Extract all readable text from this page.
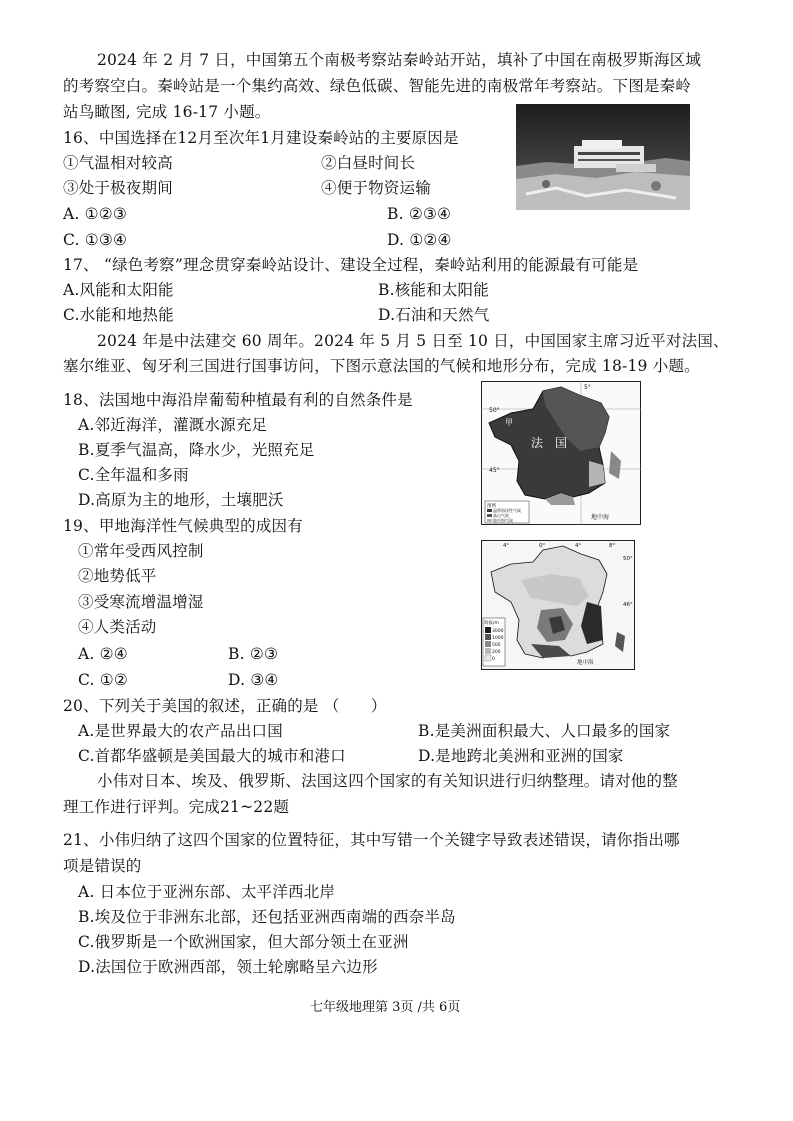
2024 年 2 月 7 日，中国第五个南极考察站秦岭站开站，填补了中国在南极罗斯海区域
的考察空白。秦岭站是一个集约高效、绿色低碳、智能先进的南极常年考察站。下图是秦岭
站鸟瞰图, 完成 16-17 小题。
16、中国选择在12月至次年1月建设秦岭站的主要原因是
①气温相对较高	②白昼时间长
③处于极夜期间	④便于物资运输
A. ①②③	B. ②③④
C. ①③④	D. ①②④
17、 “绿色考察”理念贯穿秦岭站设计、建设全过程，秦岭站利用的能源最有可能是
A.风能和太阳能	B.核能和太阳能
C.水能和地热能	D.石油和天然气
2024 年是中法建交 60 周年。2024 年 5 月 5 日至 10 日，中国国家主席习近平对法国、
塞尔维亚、匈牙利三国进行国事访问，下图示意法国的气候和地形分布，完成 18-19 小题。
18、法国地中海沿岸葡萄种植最有利的自然条件是
A.邻近海洋，灌溉水源充足
B.夏季气温高，降水少，光照充足
C.全年温和多雨
D.高原为主的地形，土壤肥沃
50°
45°
5°
甲
法　国
地中海
图例
温带海洋性气候
高山气候
地中海气候
19、甲地海洋性气候典型的成因有
①常年受西风控制
②地势低平
③受寒流增温增湿
④人类活动
A. ②④	B. ②③
C. ①②	D. ③④
4°	0°	4°	8°
50°
46°
地中海
海拔/m
3000
1000
500
200
0
20、下列关于美国的叙述，正确的是 （　　）
A.是世界最大的农产品出口国	B.是美洲面积最大、人口最多的国家
C.首都华盛顿是美国最大的城市和港口	D.是地跨北美洲和亚洲的国家
小伟对日本、埃及、俄罗斯、法国这四个国家的有关知识进行归纳整理。请对他的整
理工作进行评判。完成21~22题
21、小伟归纳了这四个国家的位置特征，其中写错一个关键字导致表述错误，请你指出哪
项是错误的
A. 日本位于亚洲东部、太平洋西北岸
B.埃及位于非洲东北部，还包括亚洲西南端的西奈半岛
C.俄罗斯是一个欧洲国家，但大部分领土在亚洲
D.法国位于欧洲西部，领土轮廓略呈六边形
七年级地理第 3页 /共 6页
